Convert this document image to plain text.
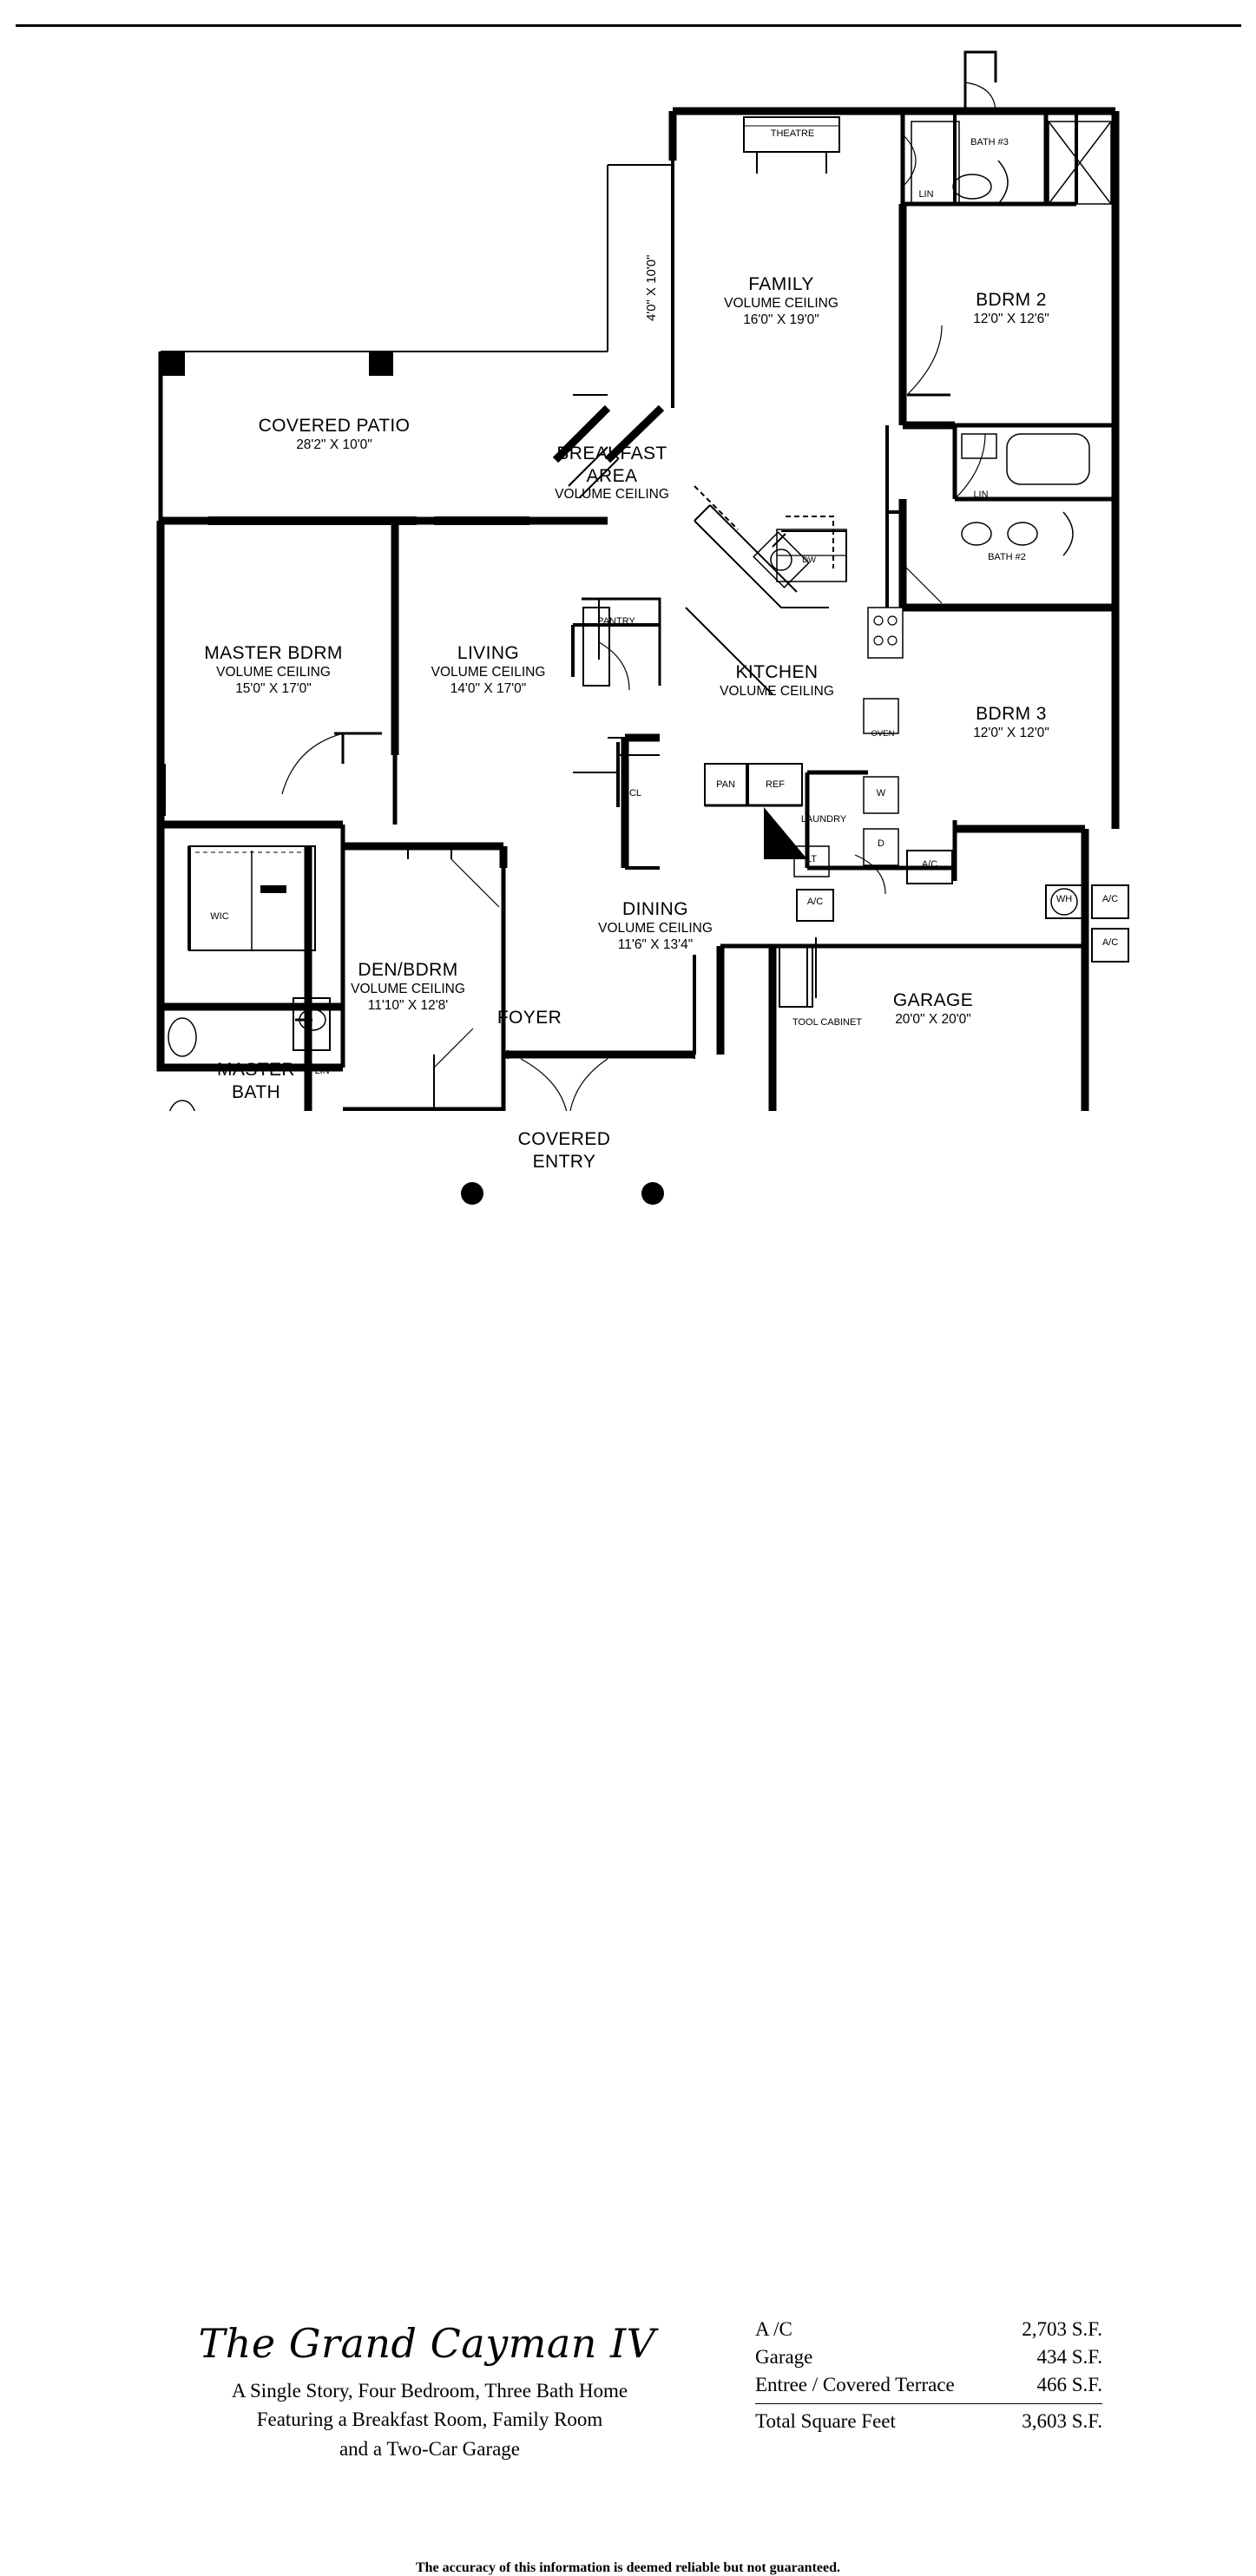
FAMILY
VOLUME CEILING
16'0" X 19'0"
BDRM 2
12'0" X 12'6"
COVERED PATIO
28'2" X 10'0"	BREAKFAST
AREA
VOLUME CEILING
MASTER BDRM
VOLUME CEILING
15'0" X 17'0"
LIVING
VOLUME CEILING
14'0" X 17'0"
KITCHEN
VOLUME CEILING
BDRM 3
12'0" X 12'0"
DINING
VOLUME CEILING
11'6" X 13'4"
DEN/BDRM
VOLUME CEILING
11'10" X 12'8'
FOYER
GARAGE
20'0" X 20'0"
COVERED
ENTRY
MASTER
BATH
4'0" X 10'0"
THEATRE
BATH #3
LIN
LIN
BATH #2
PANTRY
DW
OVEN
PAN	REF
CL
LAUNDRY
W
D
LT	A/C
A/C	WH	A/C
A/C
WIC
LIN
TOOL CABINET
The Grand Cayman IV
A Single Story, Four Bedroom, Three Bath Home
Featuring a Breakfast Room, Family Room
and a Two-Car Garage
A /C	2,703 S.F.
Garage	434 S.F.
Entree / Covered Terrace	466 S.F.
Total Square Feet	3,603 S.F.
The accuracy of this information is deemed reliable but not guaranteed.
